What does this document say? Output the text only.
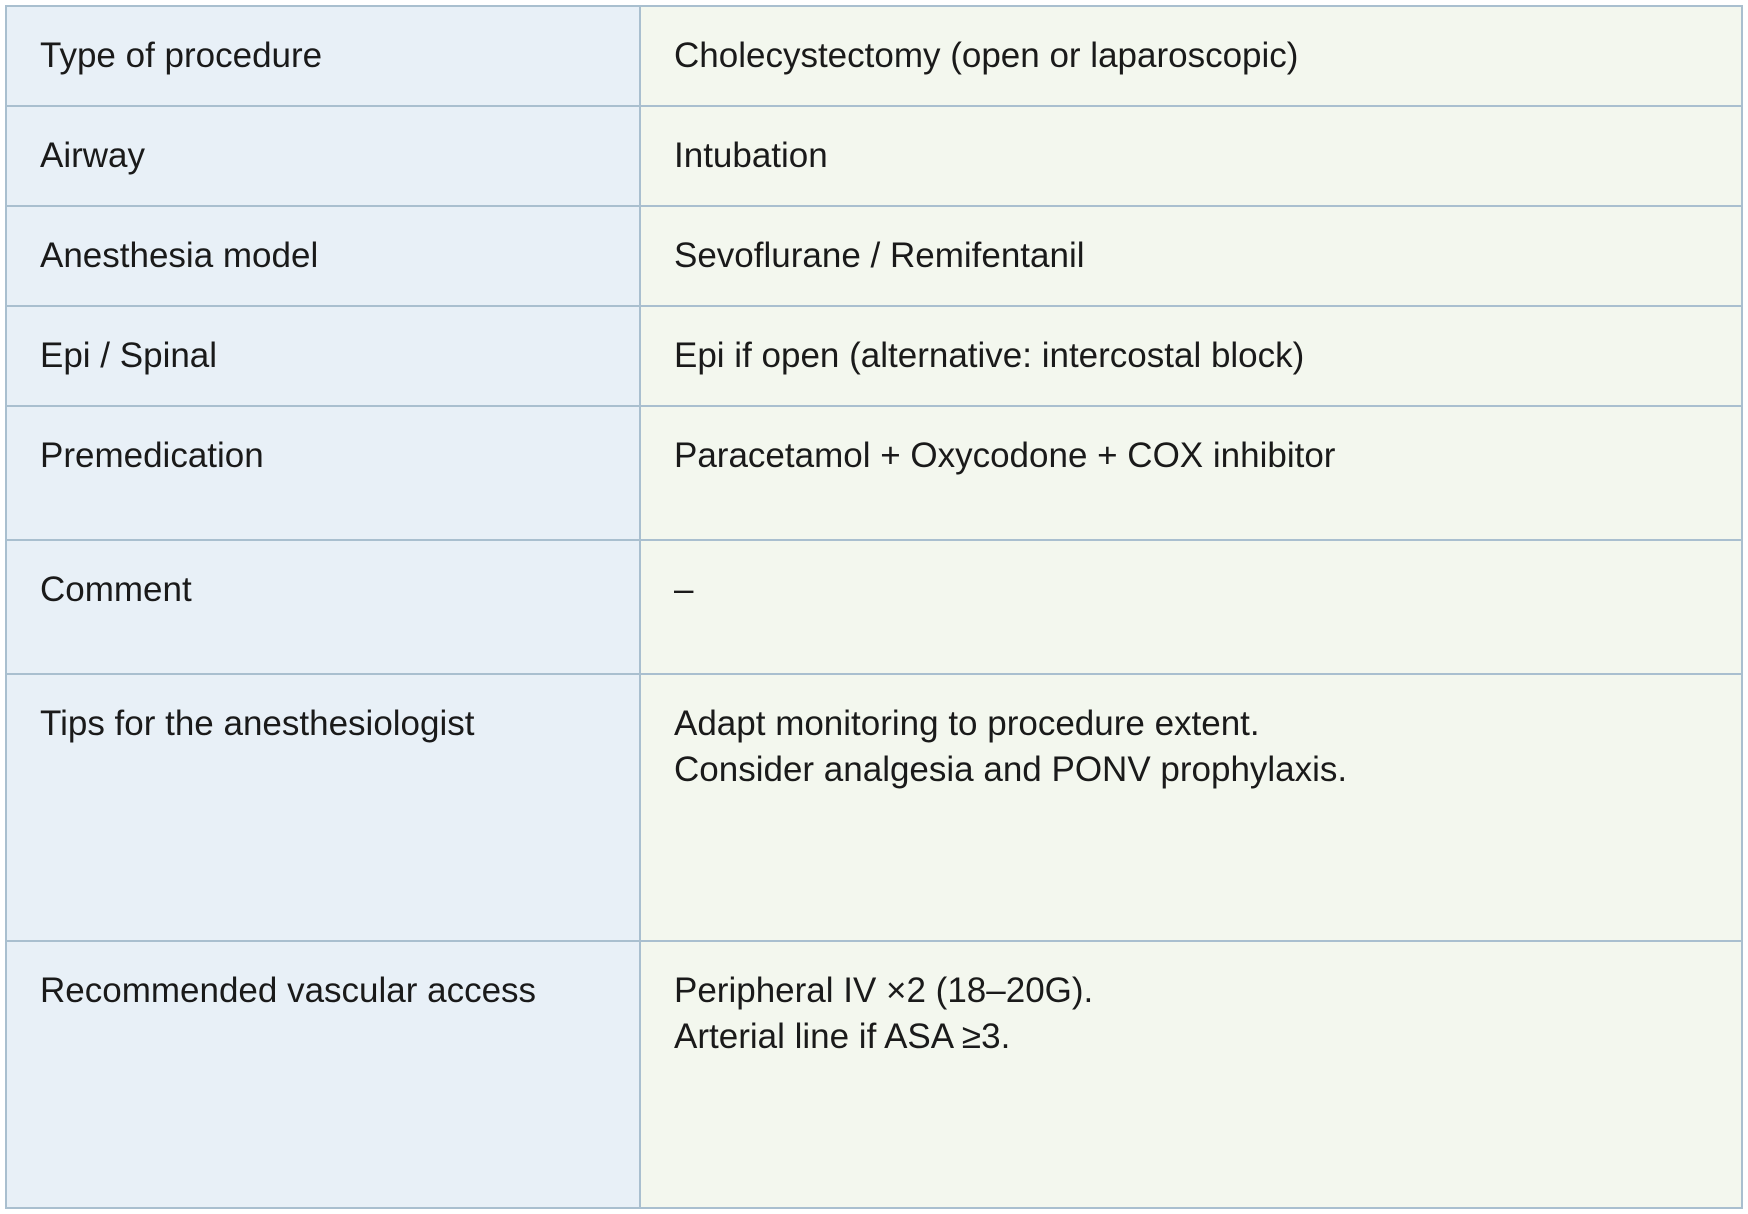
Type of procedure	Cholecystectomy (open or laparoscopic)

Airway	Intubation

Anesthesia model	Sevoflurane / Remifentanil

Epi / Spinal	Epi if open (alternative: intercostal block)

Premedication	Paracetamol + Oxycodone + COX inhibitor

Comment	–

Tips for the anesthesiologist	Adapt monitoring to procedure extent.
Consider analgesia and PONV prophylaxis.

Recommended vascular access	Peripheral IV ×2 (18–20G).
Arterial line if ASA ≥3.
